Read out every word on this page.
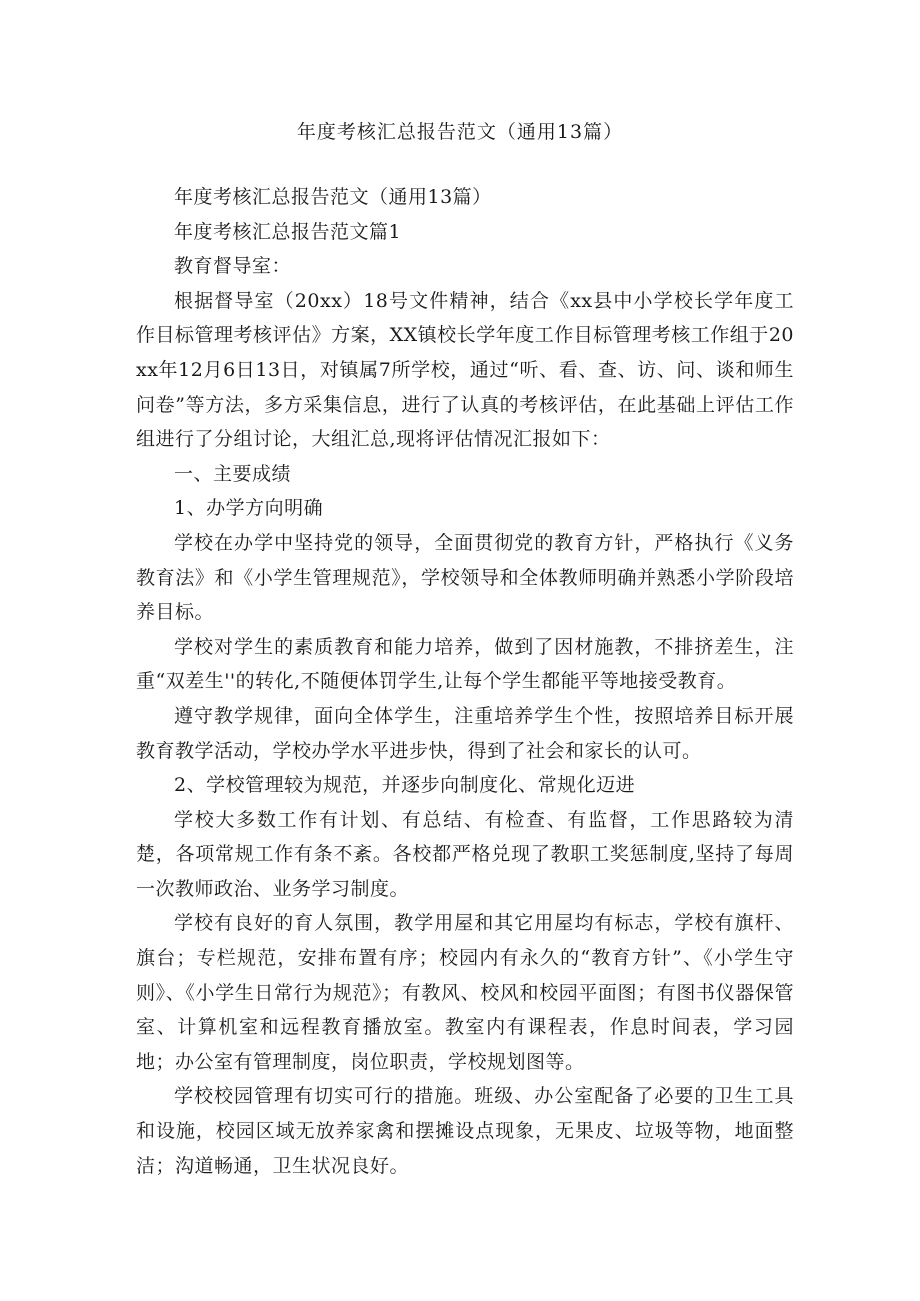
年度考核汇总报告范文（通用13篇）

年度考核汇总报告范文（通用13篇）

年度考核汇总报告范文篇1

教育督导室：

根据督导室（20xx）18号文件精神，结合《xx县中小学校长学年度工作目标管理考核评估》方案，XX镇校长学年度工作目标管理考核工作组于20xx年12月6日13日，对镇属7所学校，通过“听、看、查、访、问、谈和师生问卷”等方法，多方采集信息，进行了认真的考核评估，在此基础上评估工作组进行了分组讨论，大组汇总,现将评估情况汇报如下：

一、主要成绩

1、办学方向明确

学校在办学中坚持党的领导，全面贯彻党的教育方针，严格执行《义务教育法》和《小学生管理规范》，学校领导和全体教师明确并熟悉小学阶段培养目标。

学校对学生的素质教育和能力培养，做到了因材施教，不排挤差生，注重“双差生''的转化,不随便体罚学生,让每个学生都能平等地接受教育。

遵守教学规律，面向全体学生，注重培养学生个性，按照培养目标开展教育教学活动，学校办学水平进步快，得到了社会和家长的认可。

2、学校管理较为规范，并逐步向制度化、常规化迈进

学校大多数工作有计划、有总结、有检查、有监督，工作思路较为清楚，各项常规工作有条不紊。各校都严格兑现了教职工奖惩制度,坚持了每周一次教师政治、业务学习制度。

学校有良好的育人氛围，教学用屋和其它用屋均有标志，学校有旗杆、旗台；专栏规范，安排布置有序；校园内有永久的“教育方针”、《小学生守则》、《小学生日常行为规范》；有教风、校风和校园平面图；有图书仪器保管室、计算机室和远程教育播放室。教室内有课程表，作息时间表，学习园地；办公室有管理制度，岗位职责，学校规划图等。

学校校园管理有切实可行的措施。班级、办公室配备了必要的卫生工具和设施，校园区域无放养家禽和摆摊设点现象，无果皮、垃圾等物，地面整洁；沟道畅通，卫生状况良好。
